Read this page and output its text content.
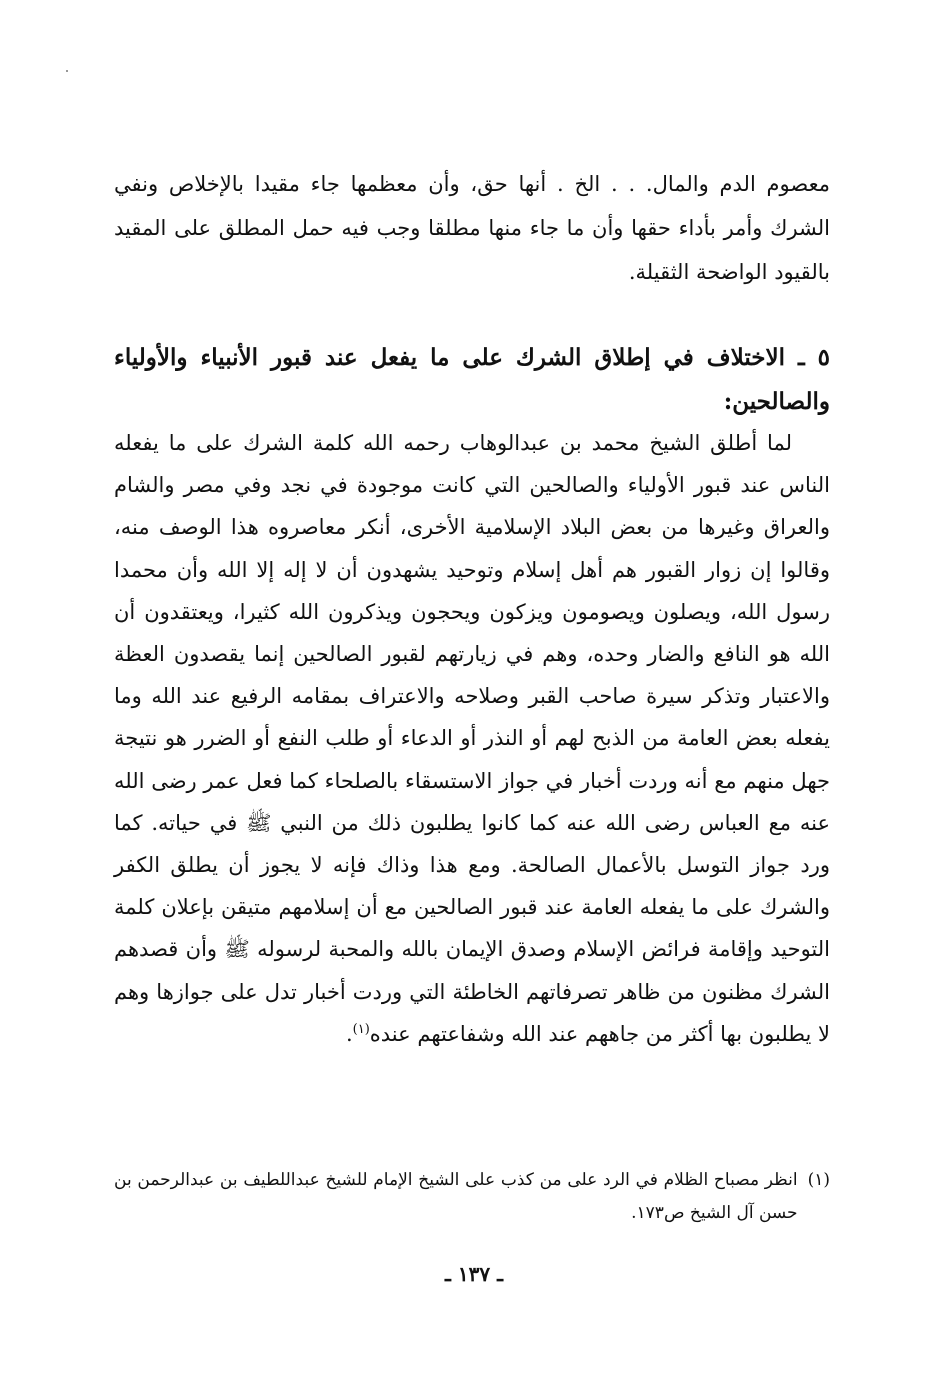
معصوم الدم والمال. . . الخ . أنها حق، وأن معظمها جاء مقيدا بالإخلاص ونفي الشرك وأمر بأداء حقها وأن ما جاء منها مطلقا وجب فيه حمل المطلق على المقيد بالقيود الواضحة الثقيلة.

٥ ـ الاختلاف في إطلاق الشرك على ما يفعل عند قبور الأنبياء والأولياء والصالحين:

لما أطلق الشيخ محمد بن عبدالوهاب رحمه الله كلمة الشرك على ما يفعله الناس عند قبور الأولياء والصالحين التي كانت موجودة في نجد وفي مصر والشام والعراق وغيرها من بعض البلاد الإسلامية الأخرى، أنكر معاصروه هذا الوصف منه، وقالوا إن زوار القبور هم أهل إسلام وتوحيد يشهدون أن لا إله إلا الله وأن محمدا رسول الله، ويصلون ويصومون ويزكون ويحجون ويذكرون الله كثيرا، ويعتقدون أن الله هو النافع والضار وحده، وهم في زيارتهم لقبور الصالحين إنما يقصدون العظة والاعتبار وتذكر سيرة صاحب القبر وصلاحه والاعتراف بمقامه الرفيع عند الله وما يفعله بعض العامة من الذبح لهم أو النذر أو الدعاء أو طلب النفع أو الضرر هو نتيجة جهل منهم مع أنه وردت أخبار في جواز الاستسقاء بالصلحاء كما فعل عمر رضى الله عنه مع العباس رضى الله عنه كما كانوا يطلبون ذلك من النبي ﷺ في حياته. كما ورد جواز التوسل بالأعمال الصالحة. ومع هذا وذاك فإنه لا يجوز أن يطلق الكفر والشرك على ما يفعله العامة عند قبور الصالحين مع أن إسلامهم متيقن بإعلان كلمة التوحيد وإقامة فرائض الإسلام وصدق الإيمان بالله والمحبة لرسوله ﷺ وأن قصدهم الشرك مظنون من ظاهر تصرفاتهم الخاطئة التي وردت أخبار تدل على جوازها وهم لا يطلبون بها أكثر من جاههم عند الله وشفاعتهم عنده$^{(١)}$.

(١)
انظر مصباح الظلام في الرد على من كذب على الشيخ الإمام للشيخ عبداللطيف بن عبدالرحمن بن حسن آل الشيخ ص١٧٣.
ـ ١٣٧ ـ
